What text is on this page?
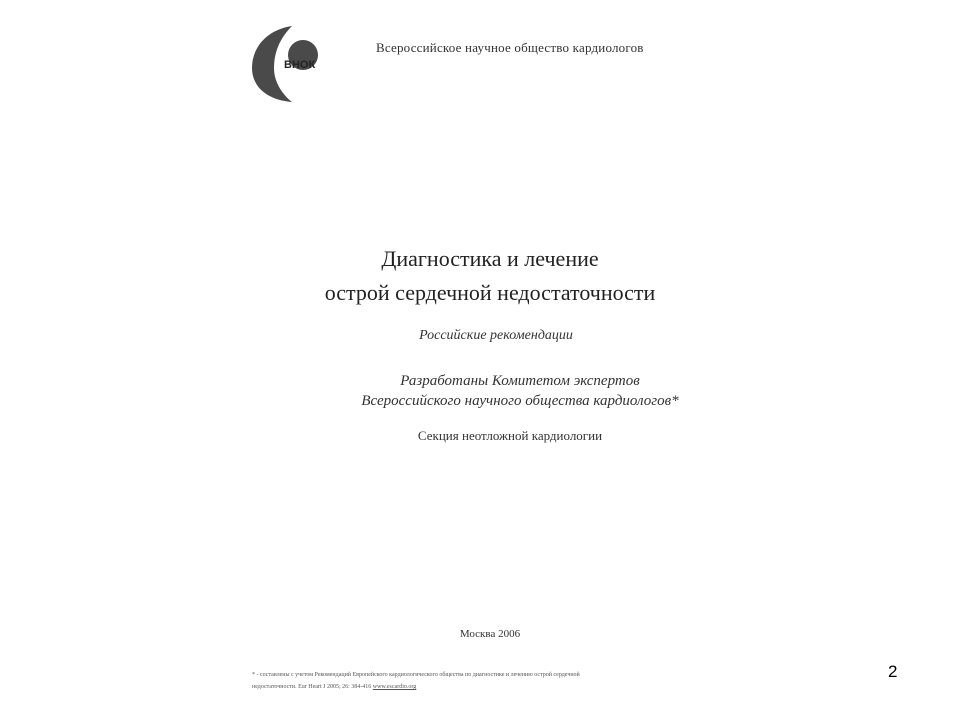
ВНОК
Всероссийское научное общество кардиологов
Диагностика и лечение
острой сердечной недостаточности
Российские рекомендации
Разработаны Комитетом экспертов
Всероссийского научного общества кардиологов*
Секция неотложной кардиологии
Москва 2006
* - составлены с учетом Рекомендаций Европейского кардиологического общества по диагностике и лечению острой сердечной
недостаточности. Eur Heart J 2005; 26: 384-416 www.escardio.org
2
